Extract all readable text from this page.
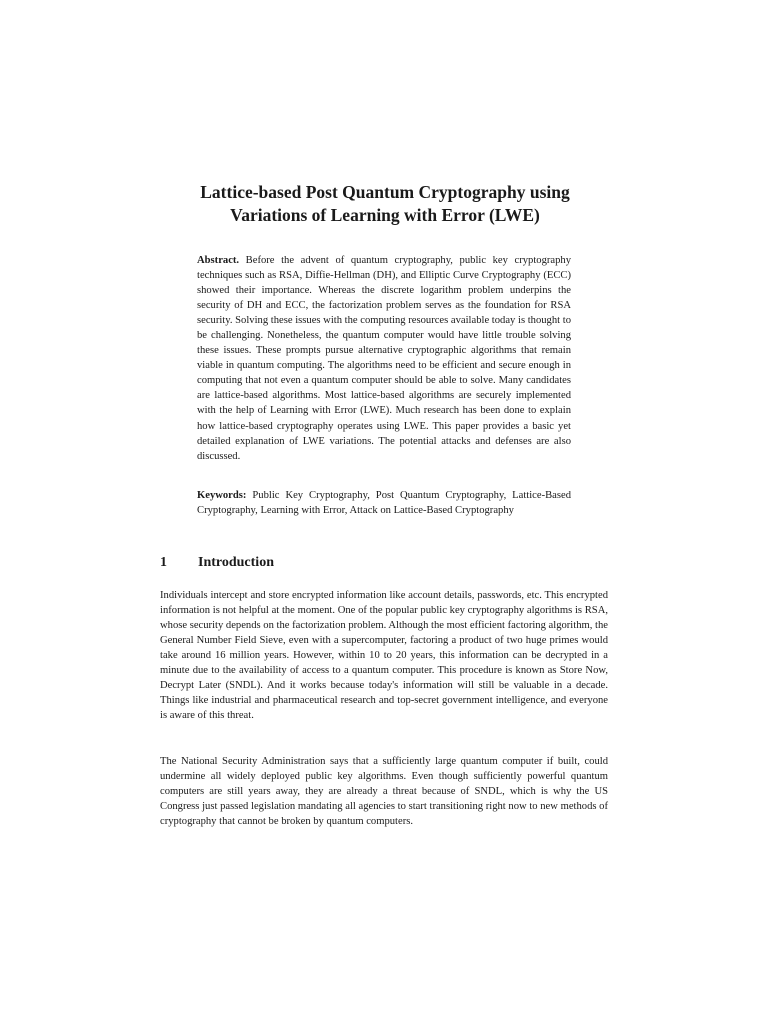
Lattice-based Post Quantum Cryptography using Variations of Learning with Error (LWE)

Abstract. Before the advent of quantum cryptography, public key cryptography techniques such as RSA, Diffie-Hellman (DH), and Elliptic Curve Cryptography (ECC) showed their importance. Whereas the discrete logarithm problem underpins the security of DH and ECC, the factorization problem serves as the foundation for RSA security. Solving these issues with the computing resources available today is thought to be challenging. Nonetheless, the quantum computer would have little trouble solving these issues. These prompts pursue alternative cryptographic algorithms that remain viable in quantum computing. The algorithms need to be efficient and secure enough in computing that not even a quantum computer should be able to solve. Many candidates are lattice-based algorithms. Most lattice-based algorithms are securely implemented with the help of Learning with Error (LWE). Much research has been done to explain how lattice-based cryptography operates using LWE. This paper provides a basic yet detailed explanation of LWE variations. The potential attacks and defenses are also discussed.

Keywords: Public Key Cryptography, Post Quantum Cryptography, Lattice-Based Cryptography, Learning with Error, Attack on Lattice-Based Cryptography

1 Introduction

Individuals intercept and store encrypted information like account details, passwords, etc. This encrypted information is not helpful at the moment. One of the popular public key cryptography algorithms is RSA, whose security depends on the factorization problem. Although the most efficient factoring algorithm, the General Number Field Sieve, even with a supercomputer, factoring a product of two huge primes would take around 16 million years. However, within 10 to 20 years, this information can be decrypted in a minute due to the availability of access to a quantum computer. This procedure is known as Store Now, Decrypt Later (SNDL). And it works because today's information will still be valuable in a decade. Things like industrial and pharmaceutical research and top-secret government intelligence, and everyone is aware of this threat.

The National Security Administration says that a sufficiently large quantum computer if built, could undermine all widely deployed public key algorithms. Even though sufficiently powerful quantum computers are still years away, they are already a threat because of SNDL, which is why the US Congress just passed legislation mandating all agencies to start transitioning right now to new methods of cryptography that cannot be broken by quantum computers.
